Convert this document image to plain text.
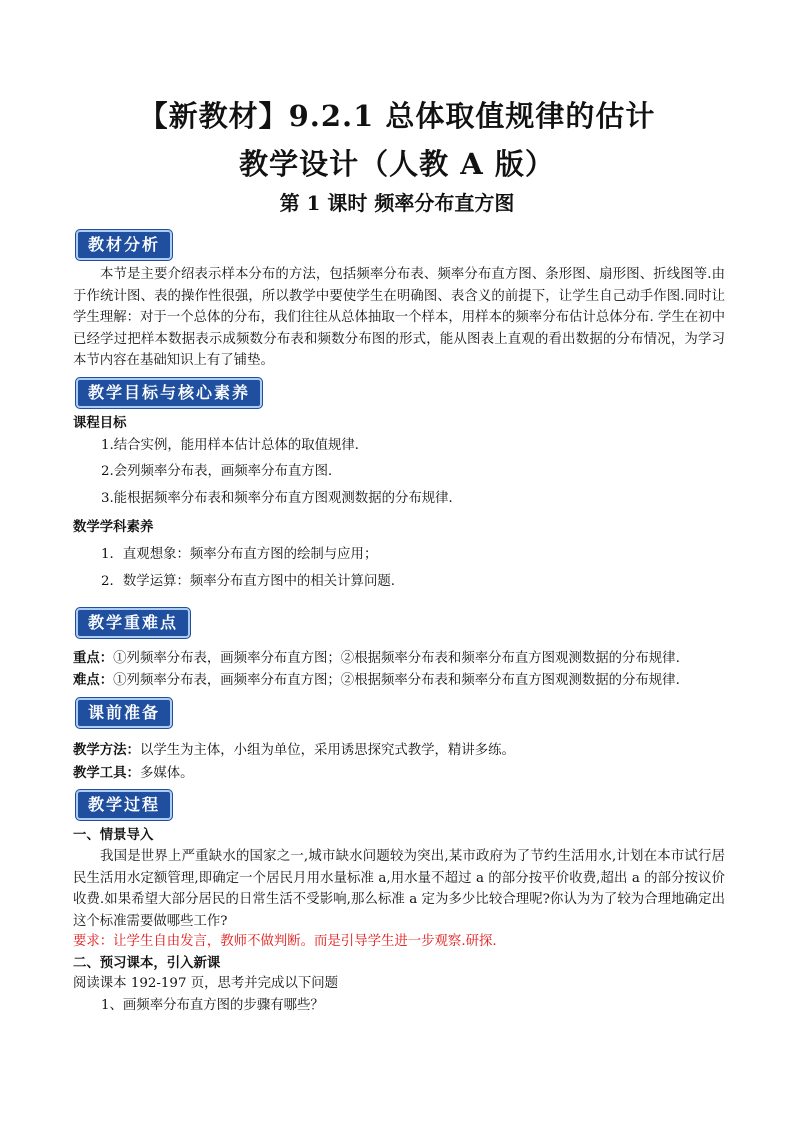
【新教材】9.2.1 总体取值规律的估计
教学设计（人教 A 版）
第 1 课时 频率分布直方图
教材分析

本节是主要介绍表示样本分布的方法，包括频率分布表、频率分布直方图、条形图、扇形图、折线图等.由于作统计图、表的操作性很强，所以教学中要使学生在明确图、表含义的前提下，让学生自己动手作图.同时让学生理解：对于一个总体的分布，我们往往从总体抽取一个样本，用样本的频率分布估计总体分布. 学生在初中已经学过把样本数据表示成频数分布表和频数分布图的形式，能从图表上直观的看出数据的分布情况，为学习本节内容在基础知识上有了铺垫。

教学目标与核心素养
课程目标
1.结合实例，能用样本估计总体的取值规律．
2.会列频率分布表，画频率分布直方图．
3.能根据频率分布表和频率分布直方图观测数据的分布规律．
数学学科素养
1．直观想象：频率分布直方图的绘制与应用；
2．数学运算：频率分布直方图中的相关计算问题.
教学重难点
重点：①列频率分布表，画频率分布直方图；②根据频率分布表和频率分布直方图观测数据的分布规律.
难点：①列频率分布表，画频率分布直方图；②根据频率分布表和频率分布直方图观测数据的分布规律.
课前准备
教学方法：以学生为主体，小组为单位，采用诱思探究式教学，精讲多练。
教学工具：多媒体。
教学过程
一、情景导入

我国是世界上严重缺水的国家之一,城市缺水问题较为突出,某市政府为了节约生活用水,计划在本市试行居民生活用水定额管理,即确定一个居民月用水量标准 a,用水量不超过 a 的部分按平价收费,超出 a 的部分按议价收费.如果希望大部分居民的日常生活不受影响,那么标准 a 定为多少比较合理呢?你认为为了较为合理地确定出这个标准需要做哪些工作?

要求：让学生自由发言，教师不做判断。而是引导学生进一步观察.研探.
二、预习课本，引入新课
阅读课本 192-197 页，思考并完成以下问题
1、画频率分布直方图的步骤有哪些？
